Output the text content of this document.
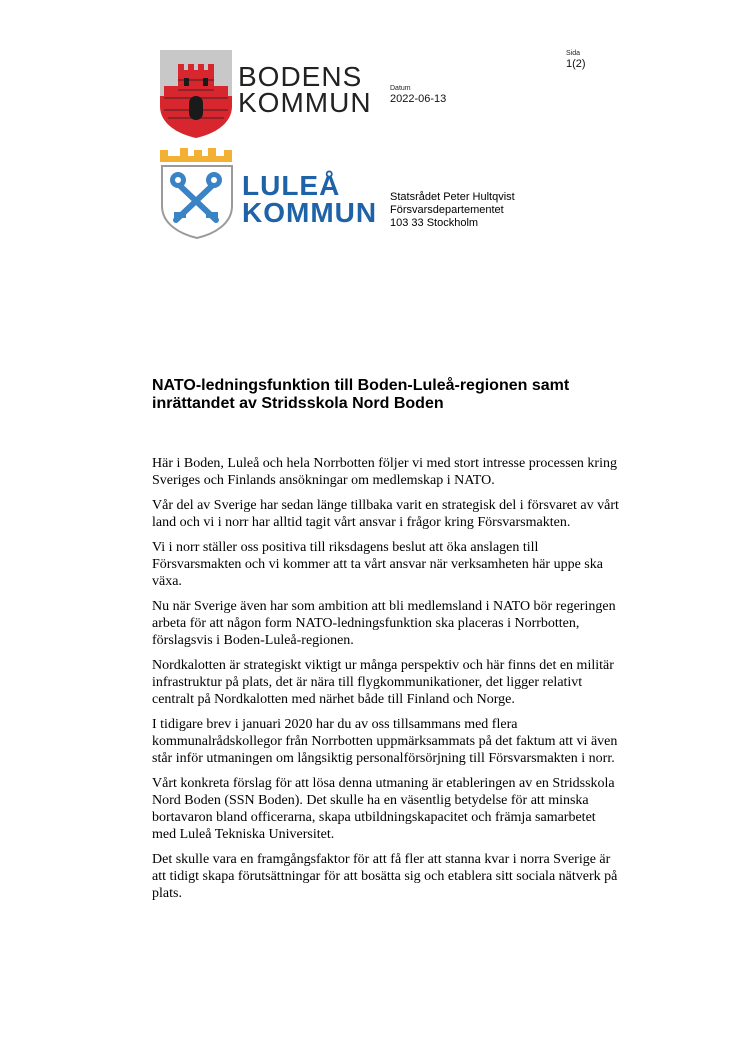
BODENS
KOMMUN
LULEÅ
KOMMUN
Sida
1(2)
Datum
2022-06-13
Statsrådet Peter Hultqvist
Försvarsdepartementet
103 33 Stockholm
NATO-ledningsfunktion till Boden-Luleå-regionen samt
inrättandet av Stridsskola Nord Boden

Här i Boden, Luleå och hela Norrbotten följer vi med stort intresse processen kring Sveriges och Finlands ansökningar om medlemskap i NATO.

Vår del av Sverige har sedan länge tillbaka varit en strategisk del i försvaret av vårt land och vi i norr har alltid tagit vårt ansvar i frågor kring Försvarsmakten.

Vi i norr ställer oss positiva till riksdagens beslut att öka anslagen till Försvarsmakten och vi kommer att ta vårt ansvar när verksamheten här uppe ska växa.

Nu när Sverige även har som ambition att bli medlemsland i NATO bör regeringen arbeta för att någon form NATO-ledningsfunktion ska placeras i Norrbotten, förslagsvis i Boden-Luleå-regionen.

Nordkalotten är strategiskt viktigt ur många perspektiv och här finns det en militär infrastruktur på plats, det är nära till flygkommunikationer, det ligger relativt centralt på Nordkalotten med närhet både till Finland och Norge.

I tidigare brev i januari 2020 har du av oss tillsammans med flera kommunalrådskollegor från Norrbotten uppmärksammats på det faktum att vi även står inför utmaningen om långsiktig personalförsörjning till Försvarsmakten i norr.

Vårt konkreta förslag för att lösa denna utmaning är etableringen av en Stridsskola Nord Boden (SSN Boden). Det skulle ha en väsentlig betydelse för att minska bortavaron bland officerarna, skapa utbildningskapacitet och främja samarbetet med Luleå Tekniska Universitet.

Det skulle vara en framgångsfaktor för att få fler att stanna kvar i norra Sverige är att tidigt skapa förutsättningar för att bosätta sig och etablera sitt sociala nätverk på plats.
